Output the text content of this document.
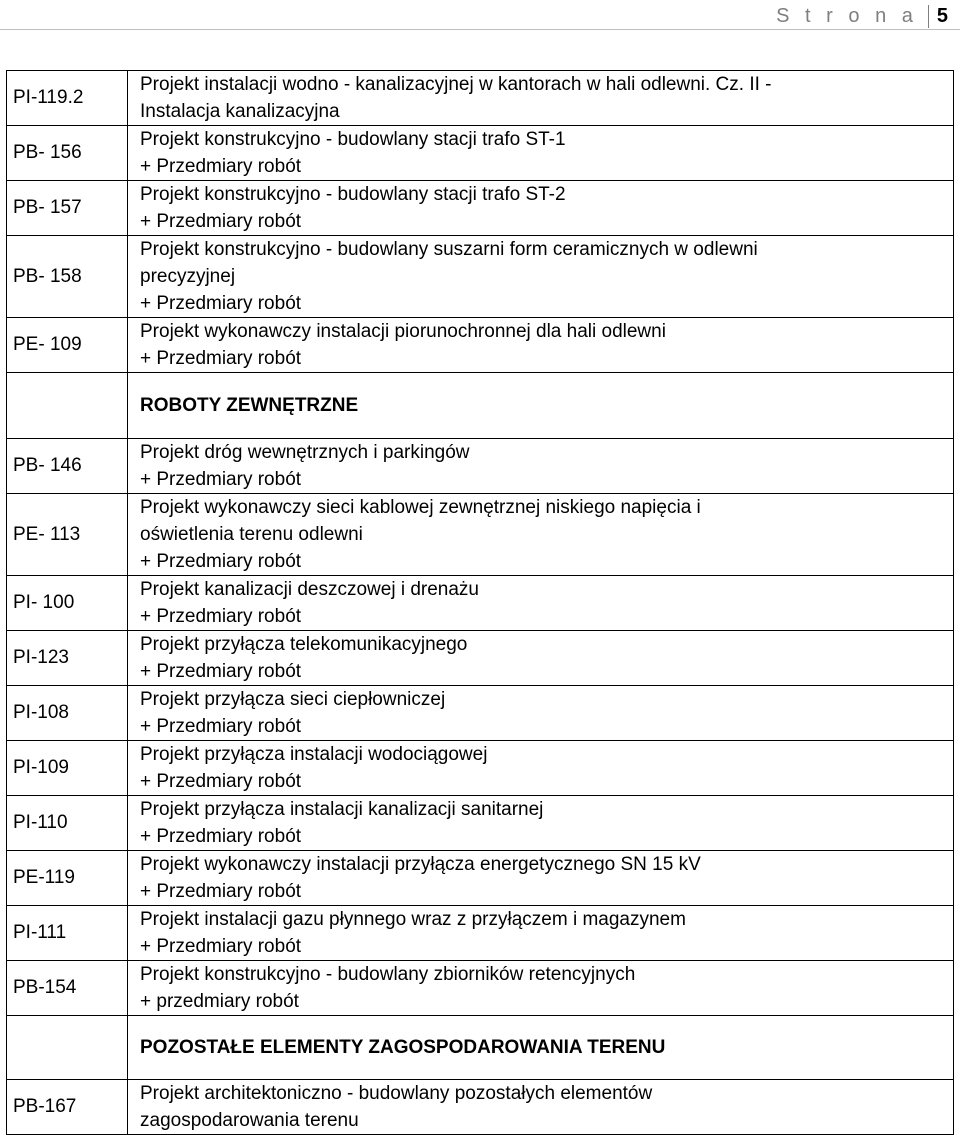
S t r o n a 5
PI-119.2	Projekt instalacji wodno - kanalizacyjnej w kantorach w hali odlewni. Cz. II -
Instalacja kanalizacyjna

PB- 156	Projekt konstrukcyjno - budowlany stacji trafo ST-1
+ Przedmiary robót

PB- 157	Projekt konstrukcyjno - budowlany stacji trafo ST-2
+ Przedmiary robót

PB- 158	Projekt konstrukcyjno - budowlany suszarni form ceramicznych w odlewni
precyzyjnej
+ Przedmiary robót

PE- 109	Projekt wykonawczy instalacji piorunochronnej dla hali odlewni
+ Przedmiary robót

	ROBOTY ZEWNĘTRZNE
PB- 146	Projekt dróg wewnętrznych i parkingów
+ Przedmiary robót

PE- 113	Projekt wykonawczy sieci kablowej zewnętrznej niskiego napięcia i
oświetlenia terenu odlewni
+ Przedmiary robót

PI- 100	Projekt kanalizacji deszczowej i drenażu
+ Przedmiary robót

PI-123	Projekt przyłącza telekomunikacyjnego
+ Przedmiary robót

PI-108	Projekt przyłącza sieci ciepłowniczej
+ Przedmiary robót

PI-109	Projekt przyłącza instalacji wodociągowej
+ Przedmiary robót

PI-110	Projekt przyłącza instalacji kanalizacji sanitarnej
+ Przedmiary robót

PE-119	Projekt wykonawczy instalacji przyłącza energetycznego SN 15 kV
+ Przedmiary robót

PI-111	Projekt instalacji gazu płynnego wraz z przyłączem i magazynem
+ Przedmiary robót

PB-154	Projekt konstrukcyjno - budowlany zbiorników retencyjnych
+ przedmiary robót

	POZOSTAŁE ELEMENTY ZAGOSPODAROWANIA TERENU
PB-167	Projekt architektoniczno - budowlany pozostałych elementów
zagospodarowania terenu
